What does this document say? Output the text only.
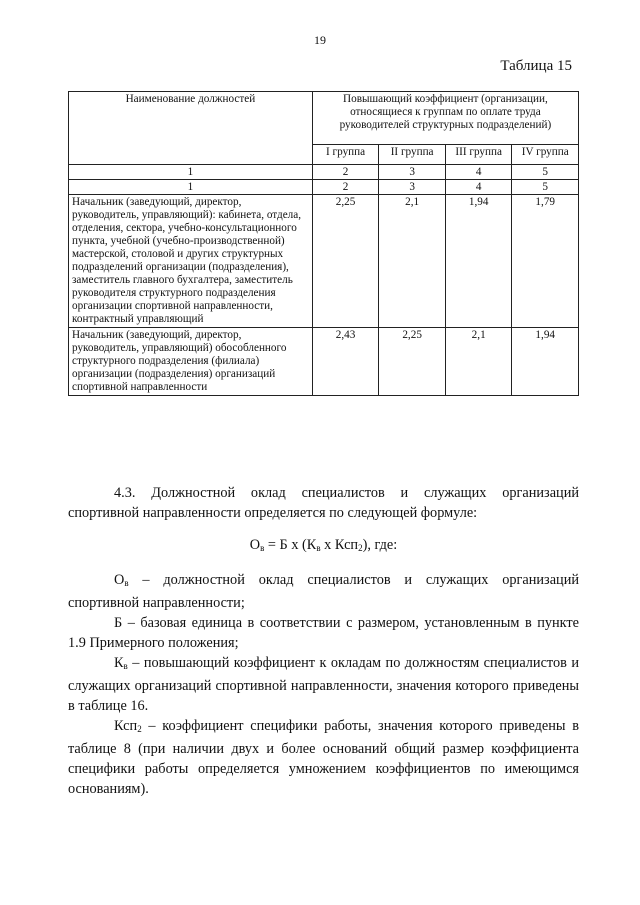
19
Таблица 15
Наименование должностей	Повышающий коэффициент (организации, относящиеся к группам по оплате труда руководителей структурных подразделений)			
	I группа	II группа	III группа	IV группа
1	2	3	4	5
1	2	3	4	5
Начальник (заведующий, директор, руководитель, управляющий): кабинета, отдела, отделения, сектора, учебно-консультационного пункта, учебной (учебно-производственной) мастерской, столовой и других структурных подразделений организации (подразделения), заместитель главного бухгалтера, заместитель руководителя структурного подразделения организации спортивной направленности, контрактный управляющий	2,25	2,1	1,94	1,79
Начальник (заведующий, директор, руководитель, управляющий) обособленного структурного подразделения (филиала) организации (подразделения) организаций спортивной направленности	2,43	2,25	2,1	1,94

4.3. Должностной оклад специалистов и служащих организаций спортивной направленности определяется по следующей формуле:

$О_в = Б$ х ($К_в$ х Ксп$_2$), где:

$О_в$ – должностной оклад специалистов и служащих организаций спортивной направленности;

Б – базовая единица в соответствии с размером, установленным в пункте 1.9 Примерного положения;

$К_в$ – повышающий коэффициент к окладам по должностям специалистов и служащих организаций спортивной направленности, значения которого приведены в таблице 16.

Ксп$_2$ – коэффициент специфики работы, значения которого приведены в таблице 8 (при наличии двух и более оснований общий размер коэффициента специфики работы определяется умножением коэффициентов по имеющимся основаниям).
